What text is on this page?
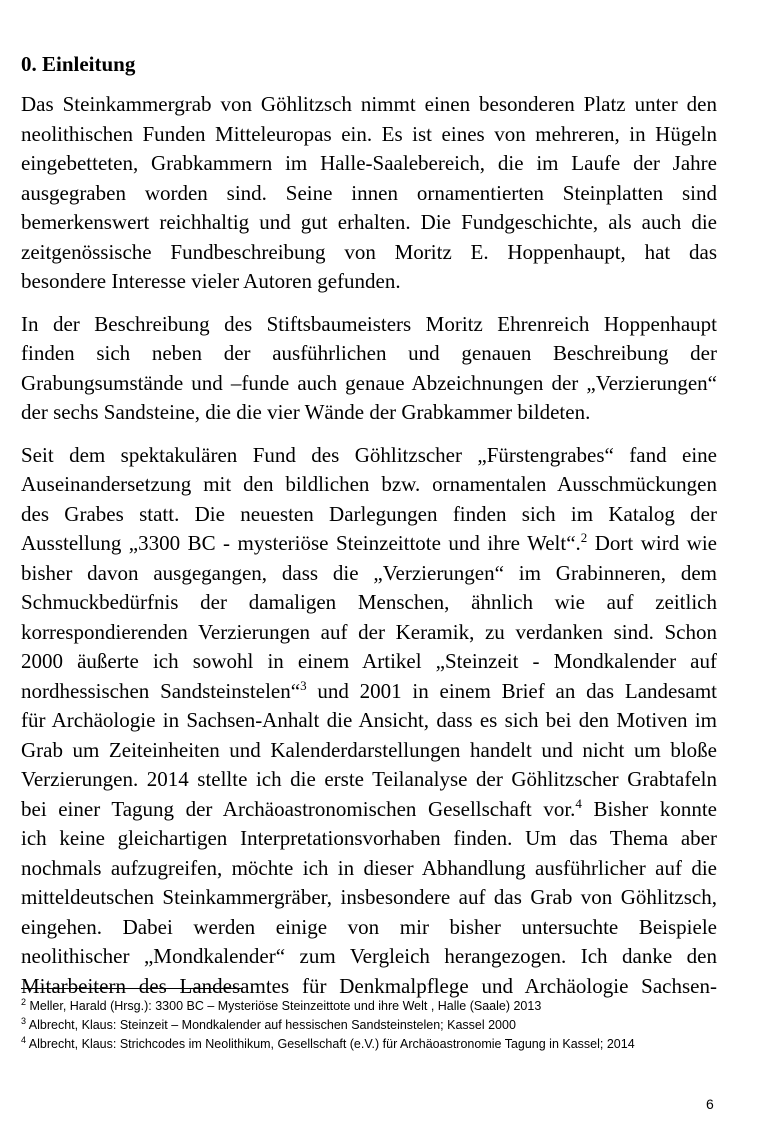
0. Einleitung
Das Steinkammergrab von Göhlitzsch nimmt einen besonderen Platz unter den
neolithischen Funden Mitteleuropas ein. Es ist eines von mehreren, in Hügeln
eingebetteten, Grabkammern im Halle-Saalebereich, die im Laufe der Jahre
ausgegraben worden sind. Seine innen ornamentierten Steinplatten sind
bemerkenswert reichhaltig und gut erhalten. Die Fundgeschichte, als auch die
zeitgenössische Fundbeschreibung von Moritz E. Hoppenhaupt, hat das
besondere Interesse vieler Autoren gefunden.
In der Beschreibung des Stiftsbaumeisters Moritz Ehrenreich Hoppenhaupt
finden sich neben der ausführlichen und genauen Beschreibung der
Grabungsumstände und –funde auch genaue Abzeichnungen der „Verzierungen“
der sechs Sandsteine, die die vier Wände der Grabkammer bildeten.
Seit dem spektakulären Fund des Göhlitzscher „Fürstengrabes“ fand eine
Auseinandersetzung mit den bildlichen bzw. ornamentalen Ausschmückungen
des Grabes statt. Die neuesten Darlegungen finden sich im Katalog der
Ausstellung „3300 BC - mysteriöse Steinzeittote und ihre Welt“.$^2$ Dort wird wie
bisher davon ausgegangen, dass die „Verzierungen“ im Grabinneren, dem
Schmuckbedürfnis der damaligen Menschen, ähnlich wie auf zeitlich
korrespondierenden Verzierungen auf der Keramik, zu verdanken sind. Schon
2000 äußerte ich sowohl in einem Artikel „Steinzeit - Mondkalender auf
nordhessischen Sandsteinstelen“$^3$ und 2001 in einem Brief an das Landesamt
für Archäologie in Sachsen-Anhalt die Ansicht, dass es sich bei den Motiven im
Grab um Zeiteinheiten und Kalenderdarstellungen handelt und nicht um bloße
Verzierungen. 2014 stellte ich die erste Teilanalyse der Göhlitzscher Grabtafeln
bei einer Tagung der Archäoastronomischen Gesellschaft vor.$^4$ Bisher konnte
ich keine gleichartigen Interpretationsvorhaben finden. Um das Thema aber
nochmals aufzugreifen, möchte ich in dieser Abhandlung ausführlicher auf die
mitteldeutschen Steinkammergräber, insbesondere auf das Grab von Göhlitzsch,
eingehen. Dabei werden einige von mir bisher untersuchte Beispiele
neolithischer „Mondkalender“ zum Vergleich herangezogen. Ich danke den
Mitarbeitern des Landesamtes für Denkmalpflege und Archäologie Sachsen-
$^2$ Meller, Harald (Hrsg.): 3300 BC – Mysteriöse Steinzeittote und ihre Welt , Halle (Saale) 2013
$^3$ Albrecht, Klaus: Steinzeit – Mondkalender auf hessischen Sandsteinstelen; Kassel 2000
$^4$ Albrecht, Klaus: Strichcodes im Neolithikum, Gesellschaft (e.V.) für Archäoastronomie Tagung in Kassel; 2014
6
